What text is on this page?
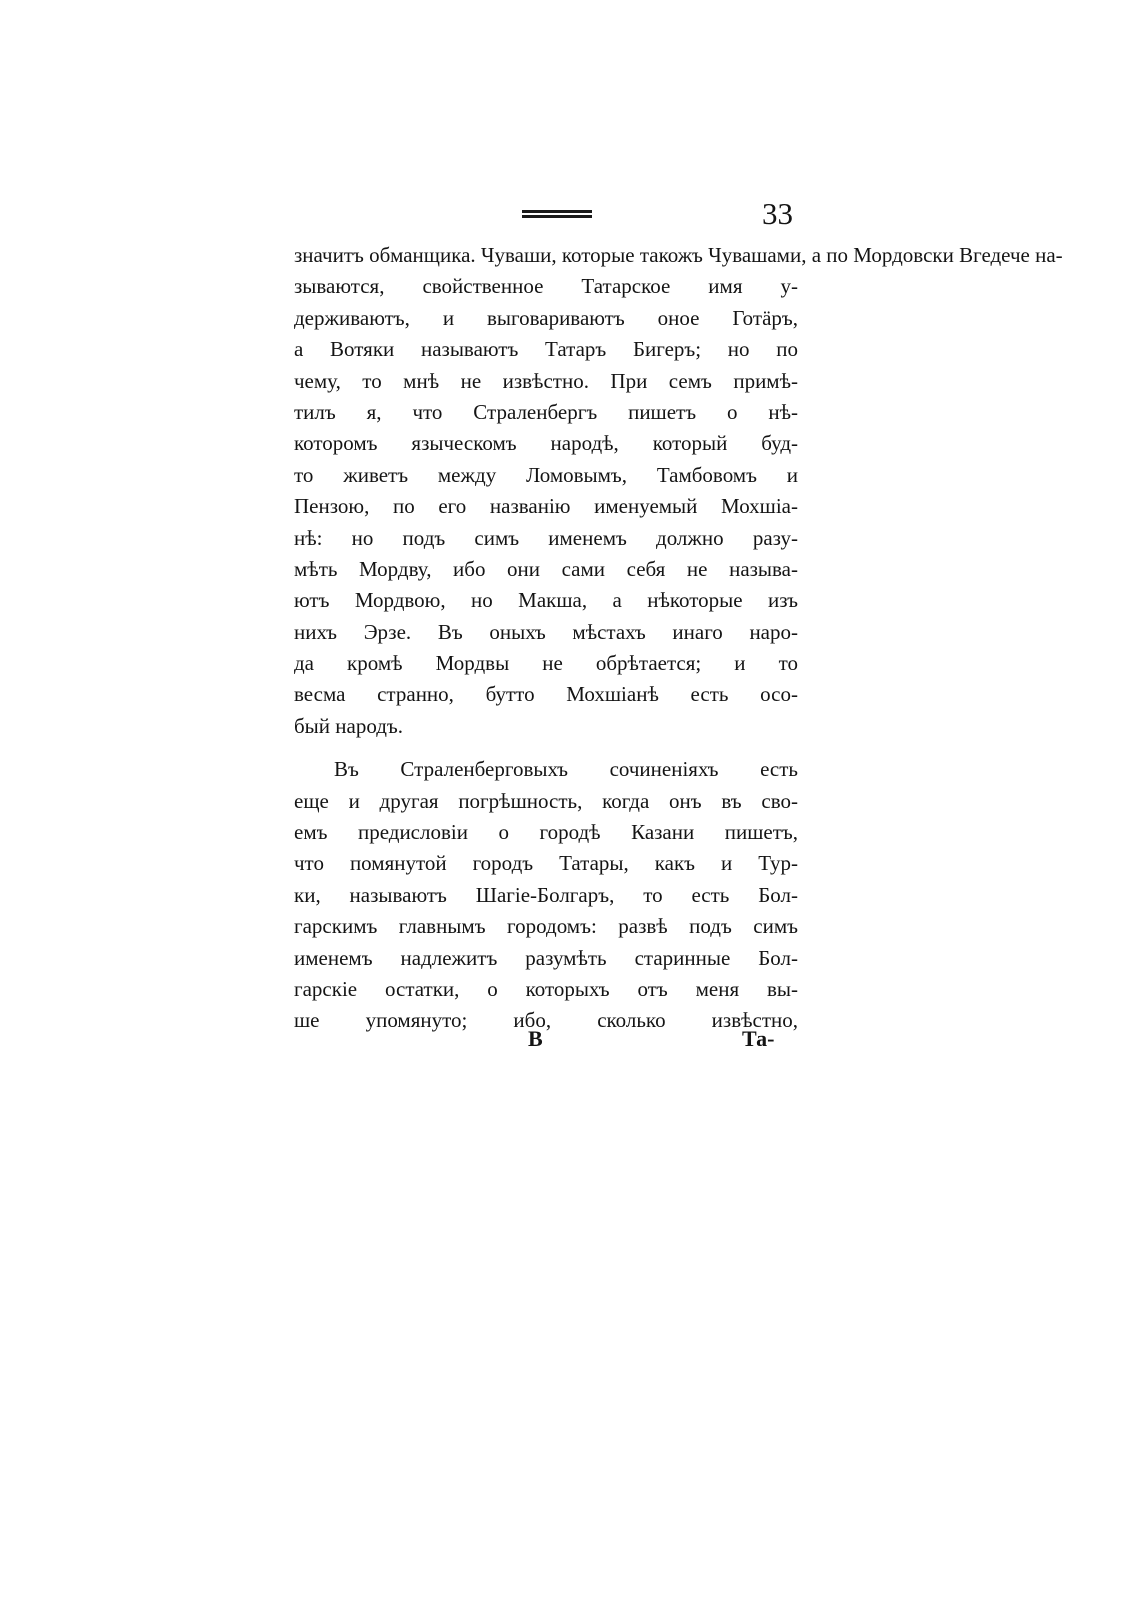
33
значитъ обманщика. Чуваши, которые такожъ Чувашами, а по Мордовски Вгедече на-
зываются, свойственное Татарское имя у-
держиваютъ, и выговариваютъ оное Готäръ,
а Вотяки называютъ Татаръ Бигеръ; но по
чему, то мнѣ не извѣстно. При семъ примѣ-
тилъ я, что Страленбергъ пишетъ о нѣ-
которомъ языческомъ народѣ, который буд-
то живетъ между Ломовымъ, Тамбовомъ и
Пензою, по его названiю именуемый Мохшiа-
нѣ: но подъ симъ именемъ должно разу-
мѣть Мордву, ибо они сами себя не называ-
ютъ Мордвою, но Макша, а нѣкоторые изъ
нихъ Эрзе. Въ оныхъ мѣстахъ инаго наро-
да кромѣ Мордвы не обрѣтается; и то
весма странно, бутто Мохшiанѣ есть осо-
бый народъ.
Въ Страленберговыхъ сочиненiяхъ есть
еще и другая погрѣшность, когда онъ въ сво-
емъ предисловiи о городѣ Казани пишетъ,
что помянутой городъ Татары, какъ и Тур-
ки, называютъ Шагiе-Болгаръ, то есть Бол-
гарскимъ главнымъ городомъ: развѣ подъ симъ
именемъ надлежитъ разумѣть старинные Бол-
гарскiе остатки, о которыхъ отъ меня вы-
ше упомянуто; ибо, сколько извѣстно,
В	Та-
